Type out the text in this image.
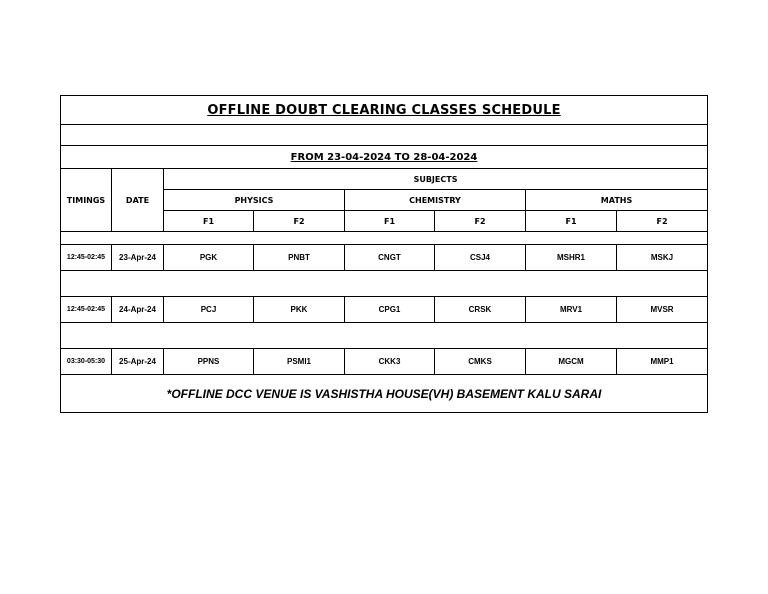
OFFLINE DOUBT CLEARING CLASSES SCHEDULE							

FROM 23-04-2024 TO 28-04-2024							
TIMINGS	DATE	SUBJECTS					
		PHYSICS		CHEMISTRY		MATHS	
		F1	F2	F1	F2	F1	F2

12:45-02:45	23-Apr-24	PGK	PNBT	CNGT	CSJ4	MSHR1	MSKJ

12:45-02:45	24-Apr-24	PCJ	PKK	CPG1	CRSK	MRV1	MVSR

03:30-05:30	25-Apr-24	PPNS	PSMI1	CKK3	CMKS	MGCM	MMP1
*OFFLINE DCC VENUE IS VASHISTHA HOUSE(VH) BASEMENT KALU SARAI							
